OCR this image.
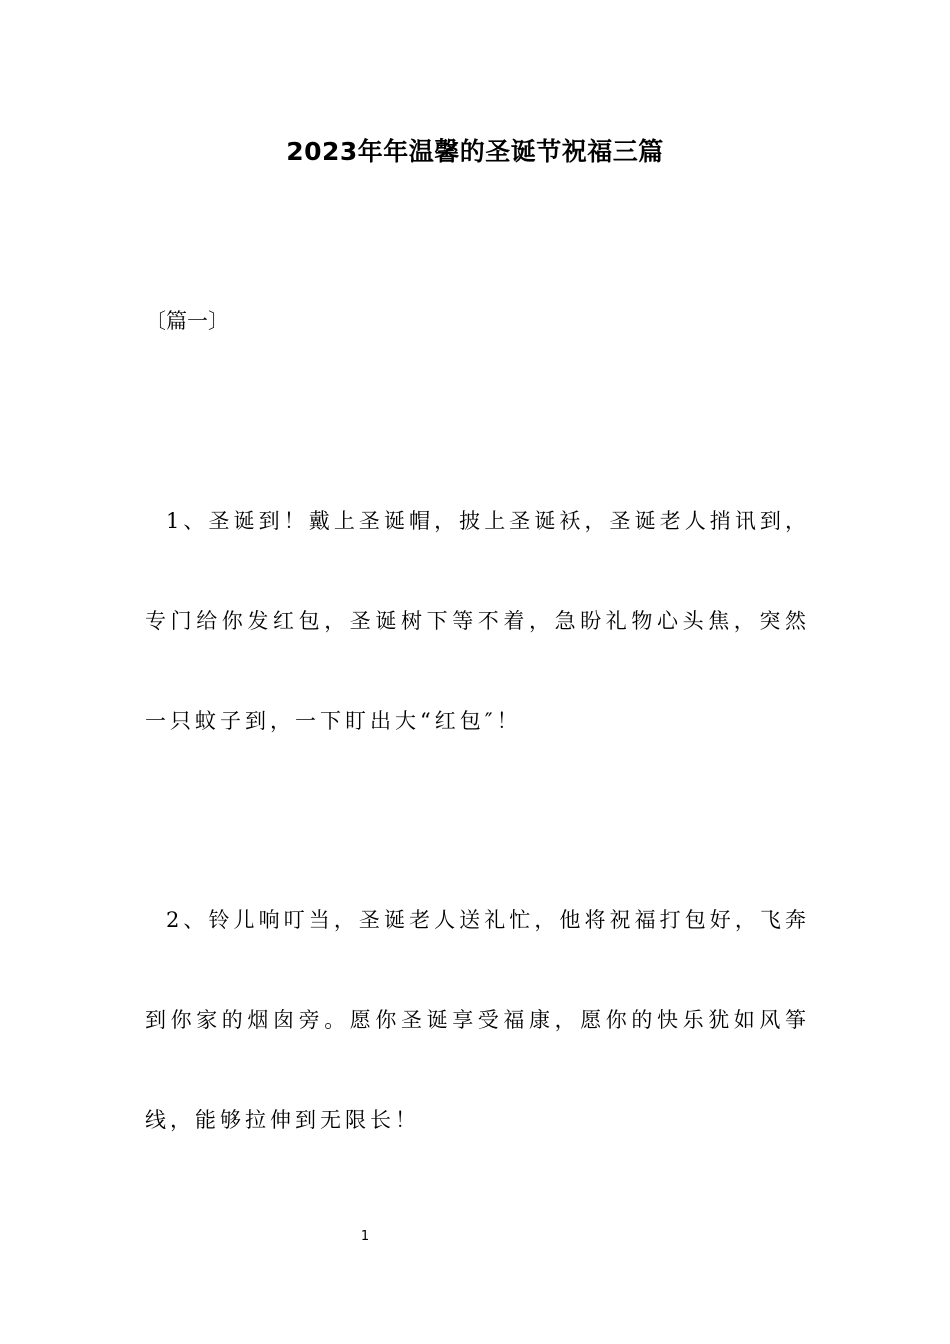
2023年年温馨的圣诞节祝福三篇

〔篇一〕

1、圣诞到！戴上圣诞帽，披上圣诞袄，圣诞老人捎讯到，专门给你发红包，圣诞树下等不着，急盼礼物心头焦，突然一只蚊子到，一下盯出大“红包″！

2、铃儿响叮当，圣诞老人送礼忙，他将祝福打包好，飞奔到你家的烟囱旁。愿你圣诞享受福康，愿你的快乐犹如风筝线，能够拉伸到无限长！

1
